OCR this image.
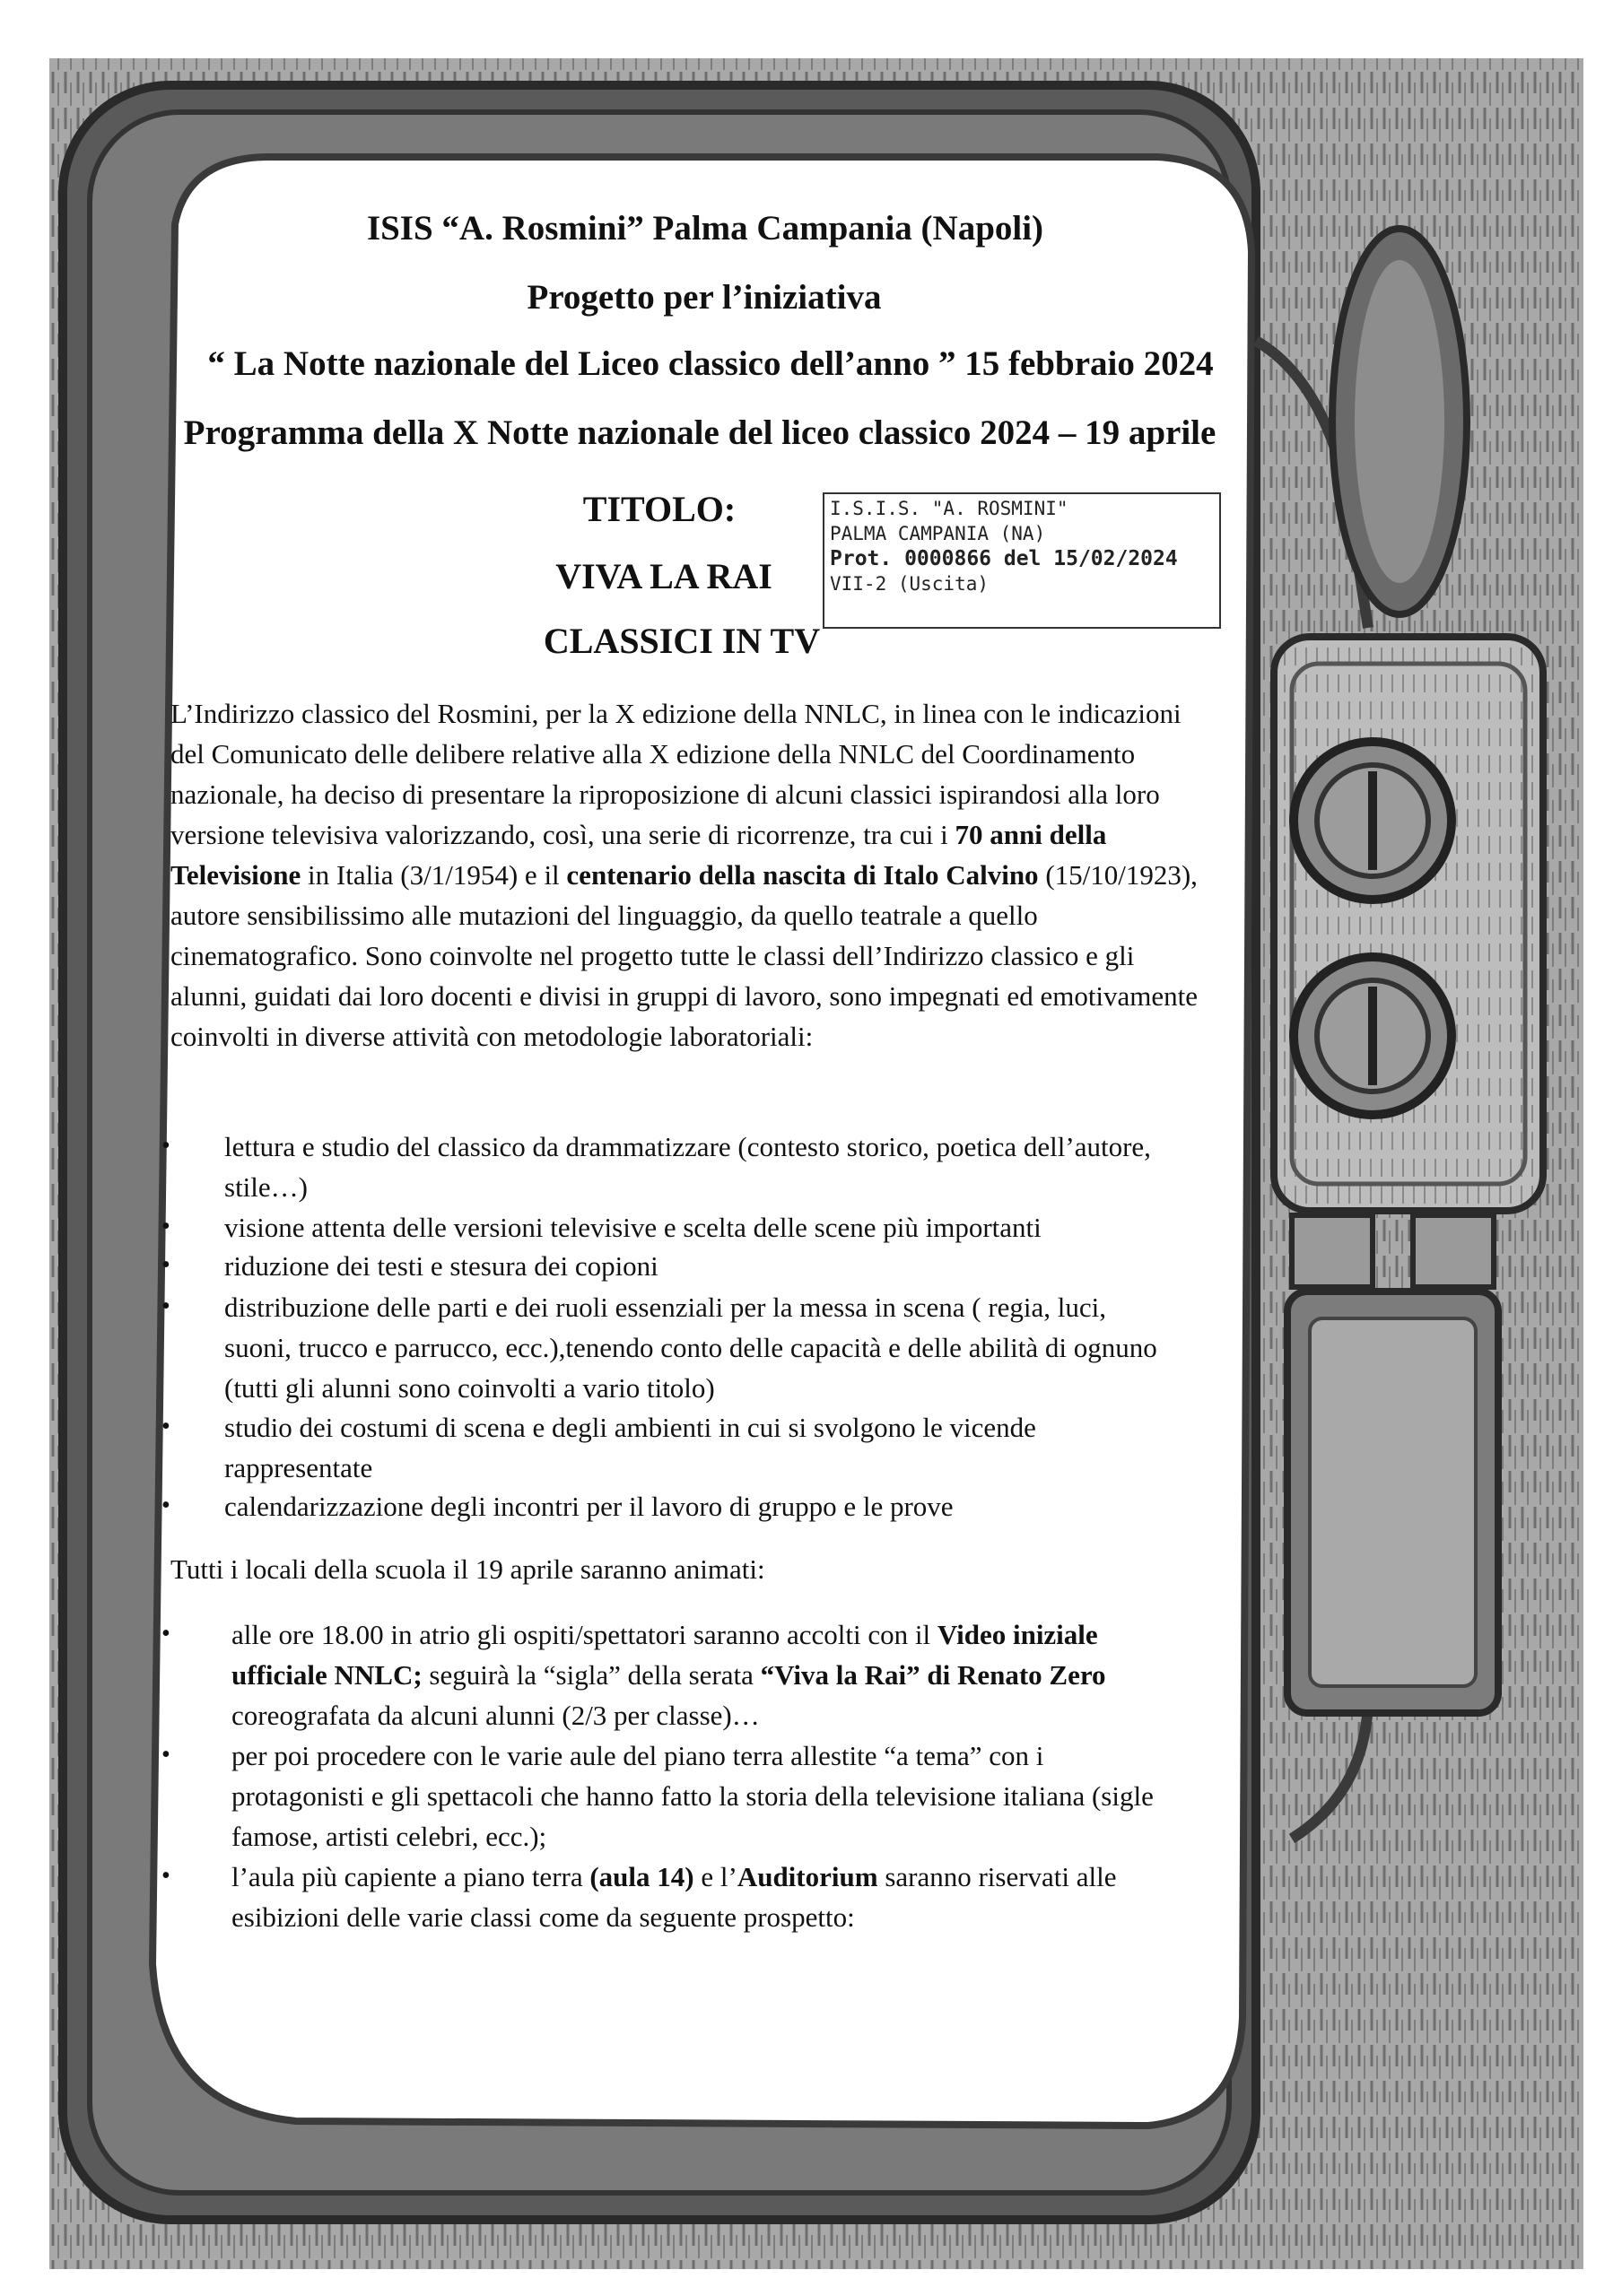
ISIS “A. Rosmini” Palma Campania (Napoli)
Progetto per l’iniziativa
“ La Notte nazionale del Liceo classico dell’anno ” 15 febbraio 2024
Programma della X Notte nazionale del liceo classico 2024 – 19 aprile
TITOLO:
VIVA LA RAI
CLASSICI IN TV
I.S.I.S. "A. ROSMINI"
PALMA CAMPANIA (NA)
Prot. 0000866 del 15/02/2024
VII-2 (Uscita)

L’Indirizzo classico del Rosmini, per la X edizione della NNLC, in linea con le indicazioni del Comunicato delle delibere relative alla X edizione della NNLC del Coordinamento nazionale, ha deciso di presentare la riproposizione di alcuni classici ispirandosi alla loro versione televisiva valorizzando, così, una serie di ricorrenze, tra cui i 70 anni della Televisione in Italia (3/1/1954) e il centenario della nascita di Italo Calvino (15/10/1923), autore sensibilissimo alle mutazioni del linguaggio, da quello teatrale a quello cinematografico. Sono coinvolte nel progetto tutte le classi dell’Indirizzo classico e gli alunni, guidati dai loro docenti e divisi in gruppi di lavoro, sono impegnati ed emotivamente coinvolti in diverse attività con metodologie laboratoriali:

• lettura e studio del classico da drammatizzare (contesto storico, poetica dell’autore, stile…)
• visione attenta delle versioni televisive e scelta delle scene più importanti
• riduzione dei testi e stesura dei copioni
• distribuzione delle parti e dei ruoli essenziali per la messa in scena ( regia, luci, suoni, trucco e parrucco, ecc.),tenendo conto delle capacità e delle abilità di ognuno (tutti gli alunni sono coinvolti a vario titolo)
• studio dei costumi di scena e degli ambienti in cui si svolgono le vicende rappresentate
• calendarizzazione degli incontri per il lavoro di gruppo e le prove
Tutti i locali della scuola il 19 aprile saranno animati:
• alle ore 18.00 in atrio gli ospiti/spettatori saranno accolti con il Video iniziale ufficiale NNLC; seguirà la “sigla” della serata “Viva la Rai” di Renato Zero coreografata da alcuni alunni (2/3 per classe)…
• per poi procedere con le varie aule del piano terra allestite “a tema” con i protagonisti e gli spettacoli che hanno fatto la storia della televisione italiana (sigle famose, artisti celebri, ecc.);
• l’aula più capiente a piano terra (aula 14) e l’Auditorium saranno riservati alle esibizioni delle varie classi come da seguente prospetto:
